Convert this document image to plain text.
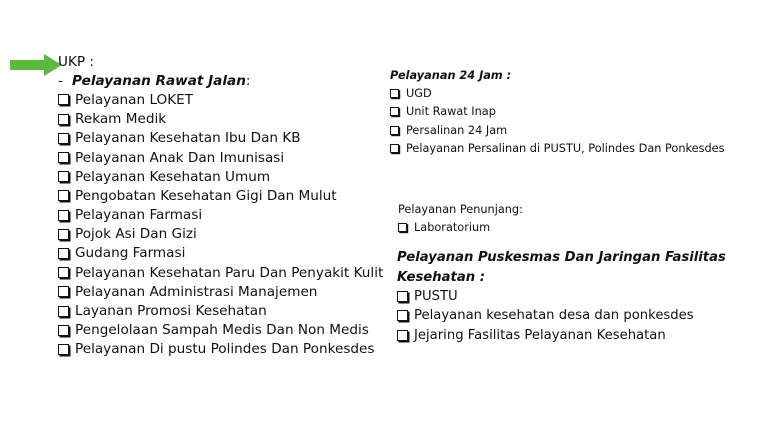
UKP :
- Pelayanan Rawat Jalan :
Pelayanan LOKET
Rekam Medik
Pelayanan Kesehatan Ibu Dan KB
Pelayanan Anak Dan Imunisasi
Pelayanan Kesehatan Umum
Pengobatan Kesehatan Gigi Dan Mulut
Pelayanan Farmasi
Pojok Asi Dan Gizi
Gudang Farmasi
Pelayanan Kesehatan Paru Dan Penyakit Kulit
Pelayanan Administrasi Manajemen
Layanan Promosi Kesehatan
Pengelolaan Sampah Medis Dan Non Medis
Pelayanan Di pustu Polindes Dan Ponkesdes
Pelayanan 24 Jam :
UGD
Unit Rawat Inap
Persalinan 24 Jam
Pelayanan Persalinan di PUSTU, Polindes Dan Ponkesdes
Pelayanan Penunjang:
Laboratorium
Pelayanan Puskesmas Dan Jaringan Fasilitas
Kesehatan :
PUSTU
Pelayanan kesehatan desa dan ponkesdes
Jejaring Fasilitas Pelayanan Kesehatan
